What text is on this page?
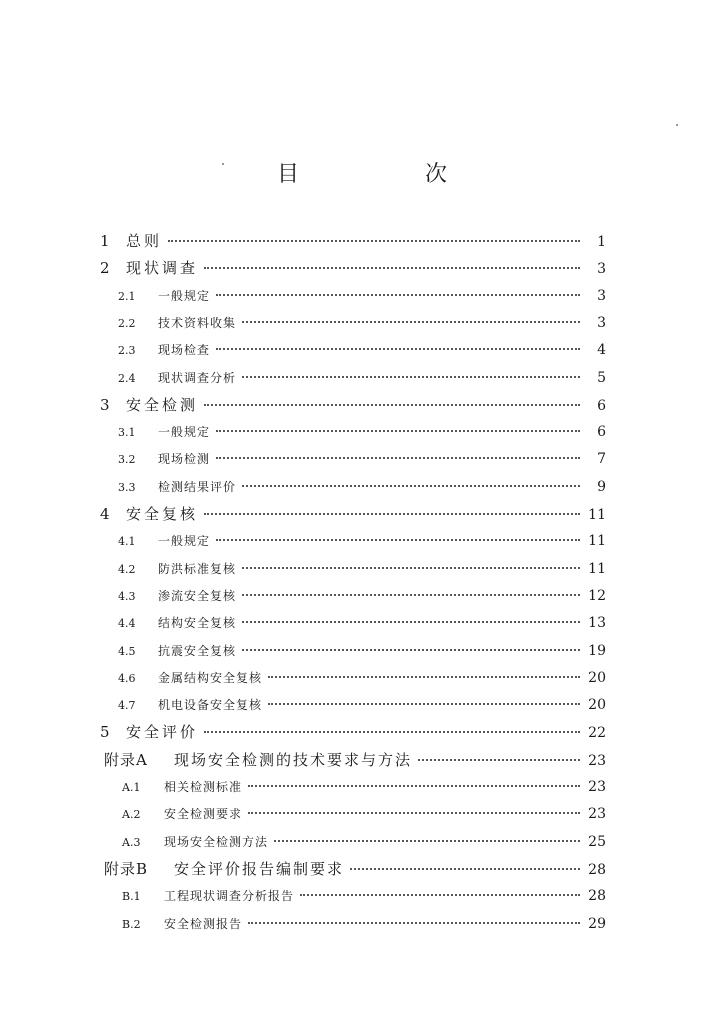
目　次
1	总则	1
2	现状调查	3
2.1	一般规定	3
2.2	技术资料收集	3
2.3	现场检查	4
2.4	现状调查分析	5
3	安全检测	6
3.1	一般规定	6
3.2	现场检测	7
3.3	检测结果评价	9
4	安全复核	11
4.1	一般规定	11
4.2	防洪标准复核	11
4.3	渗流安全复核	12
4.4	结构安全复核	13
4.5	抗震安全复核	19
4.6	金属结构安全复核	20
4.7	机电设备安全复核	20
5	安全评价	22
附录A	现场安全检测的技术要求与方法	23
A.1	相关检测标准	23
A.2	安全检测要求	23
A.3	现场安全检测方法	25
附录B	安全评价报告编制要求	28
B.1	工程现状调查分析报告	28
B.2	安全检测报告	29
